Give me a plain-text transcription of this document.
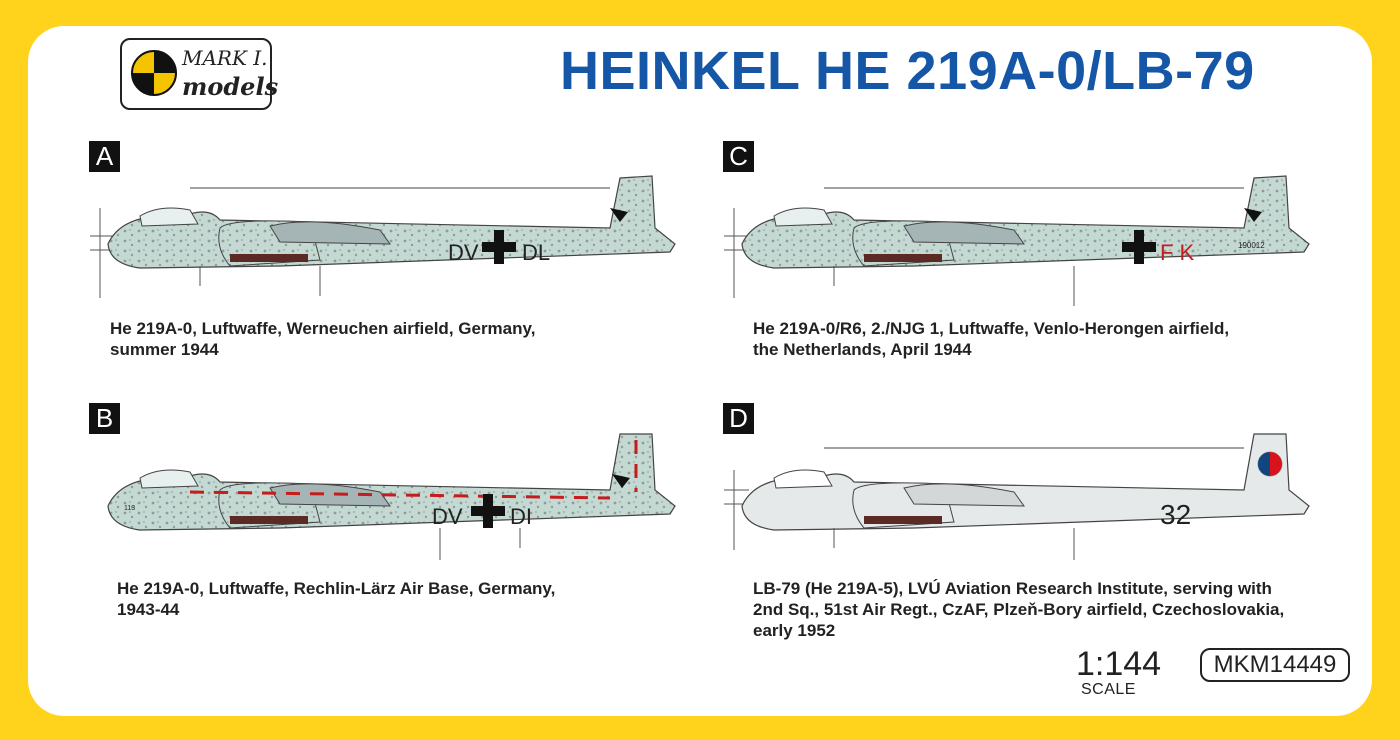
MARK I.
models	HEINKEL HE 219A-0/LB-79
A	C
B	D
DV DL	F K	190012
113	DV DI	32
He 219A-0, Luftwaffe, Werneuchen airfield, Germany,
summer 1944
He 219A-0/R6, 2./NJG 1, Luftwaffe, Venlo-Herongen airfield,
the Netherlands, April 1944
He 219A-0, Luftwaffe, Rechlin-Lärz Air Base, Germany,
1943-44
LB-79 (He 219A-5), LVÚ Aviation Research Institute, serving with
2nd Sq., 51st Air Regt., CzAF, Plzeň-Bory airfield, Czechoslovakia,
early 1952
1:144
SCALE
MKM14449
